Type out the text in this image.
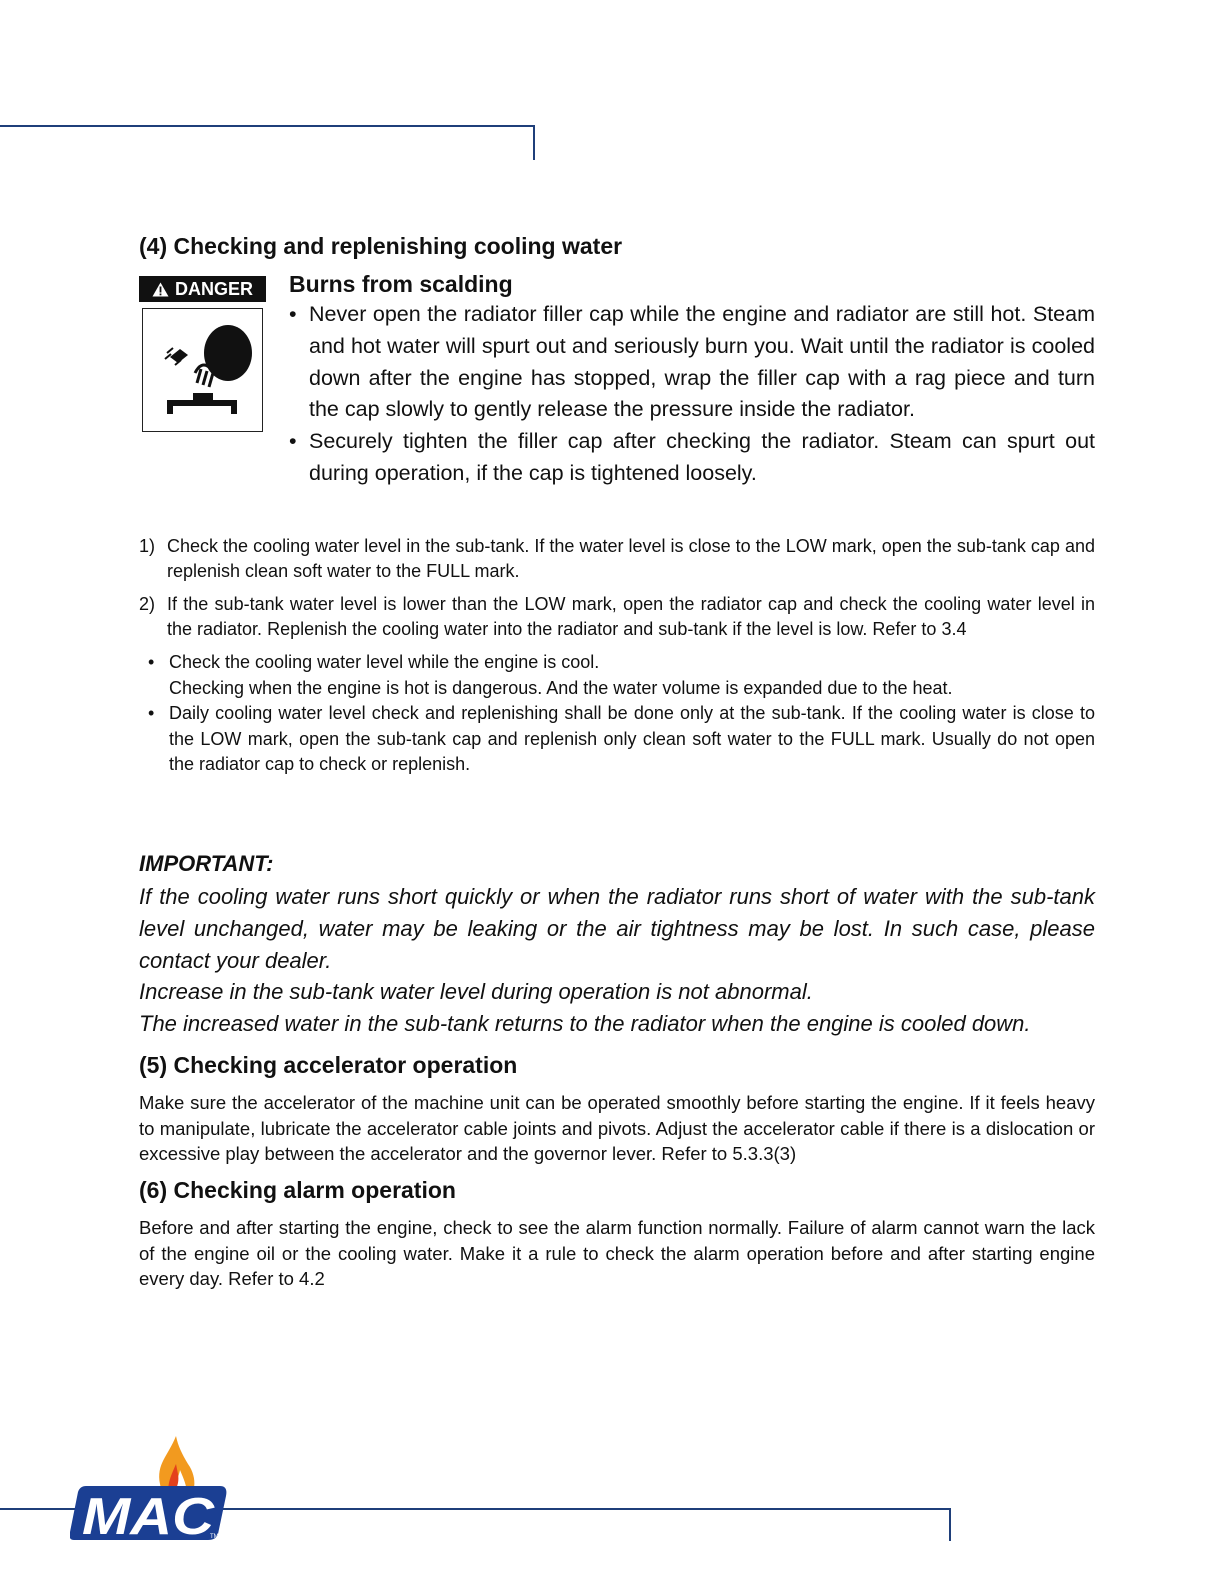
(4) Checking and replenishing cooling water
DANGER Burns from scalding
• Never open the radiator filler cap while the engine and radiator are still hot. Steam and hot water will spurt out and seriously burn you. Wait until the radiator is cooled down after the engine has stopped, wrap the filler cap with a rag piece and turn the cap slowly to gently release the pressure inside the radiator.
• Securely tighten the filler cap after checking the radiator. Steam can spurt out during operation, if the cap is tightened loosely.
1) Check the cooling water level in the sub-tank. If the water level is close to the LOW mark, open the sub-tank cap and replenish clean soft water to the FULL mark.
2) If the sub-tank water level is lower than the LOW mark, open the radiator cap and check the cooling water level in the radiator. Replenish the cooling water into the radiator and sub-tank if the level is low. Refer to 3.4
• Check the cooling water level while the engine is cool.
Checking when the engine is hot is dangerous. And the water volume is expanded due to the heat.
• Daily cooling water level check and replenishing shall be done only at the sub-tank. If the cooling water is close to the LOW mark, open the sub-tank cap and replenish only clean soft water to the FULL mark. Usually do not open the radiator cap to check or replenish.
IMPORTANT:

If the cooling water runs short quickly or when the radiator runs short of water with the sub-tank level unchanged, water may be leaking or the air tightness may be lost. In such case, please contact your dealer.

Increase in the sub-tank water level during operation is not abnormal.

The increased water in the sub-tank returns to the radiator when the engine is cooled down.

(5) Checking accelerator operation

Make sure the accelerator of the machine unit can be operated smoothly before starting the engine. If it feels heavy to manipulate, lubricate the accelerator cable joints and pivots. Adjust the accelerator cable if there is a dislocation or excessive play between the accelerator and the governor lever. Refer to 5.3.3(3)

(6) Checking alarm operation

Before and after starting the engine, check to see the alarm function normally. Failure of alarm cannot warn the lack of the engine oil or the cooling water. Make it a rule to check the alarm operation before and after starting engine every day. Refer to 4.2

MAC
TM
